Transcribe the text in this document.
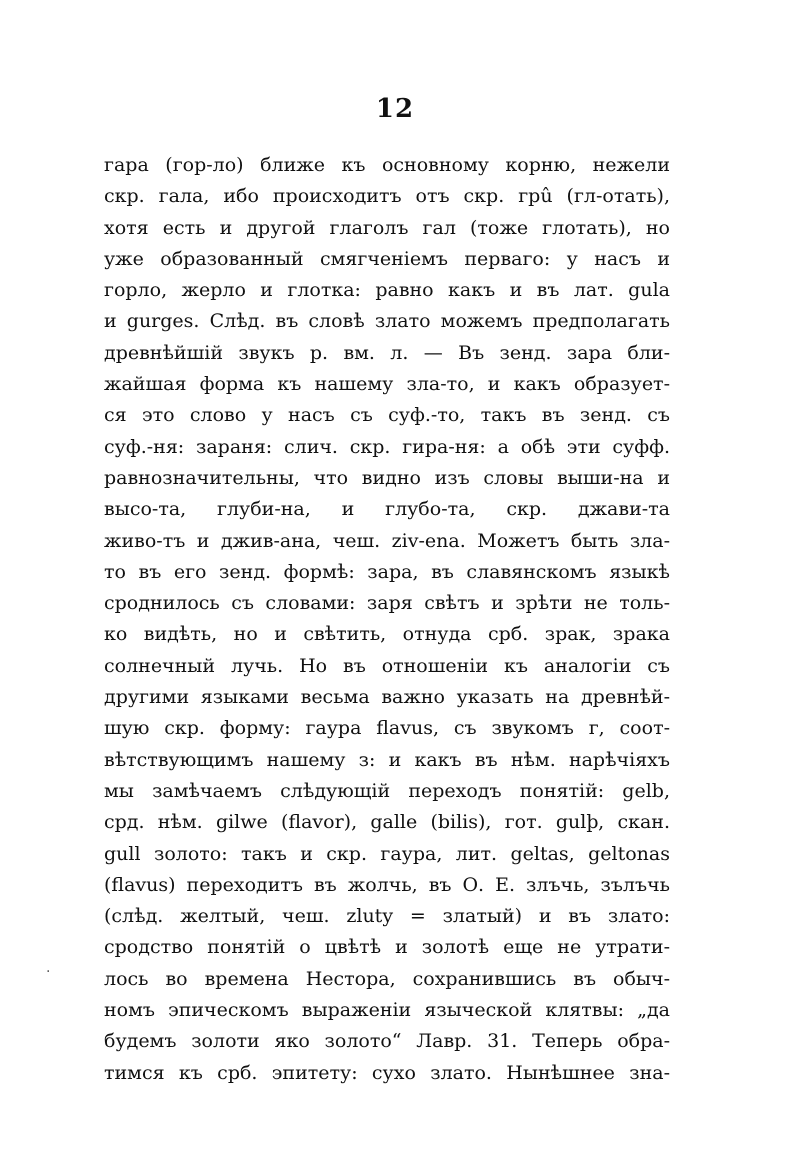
12
гара (гор-ло) ближе къ основному корню, нежели
скр. гала, ибо происходитъ отъ скр. грû (гл-отать),
хотя есть и другой глаголъ гал (тоже глотать), но
уже образованный смягченіемъ перваго: у насъ и
горло, жерло и глотка: равно какъ и въ лат. gula
и gurges. Слѣд. въ словѣ злато можемъ предполагать
древнѣйшій звукъ р. вм. л. — Въ зенд. зара бли-
жайшая форма къ нашему зла-то, и какъ образует-
ся это слово у насъ съ суф.-то, такъ въ зенд. съ
суф.-ня: зараня: слич. скр. гира-ня: а обѣ эти суфф.
равнозначительны, что видно изъ словы выши-на и
высо-та, глуби-на, и глубо-та, скр. джави-та
живо-тъ и джив-ана, чеш. ziv-ena. Можетъ быть зла-
то въ его зенд. формѣ: зара, въ славянскомъ языкѣ
сроднилось съ словами: заря свѣтъ и зрѣти не толь-
ко видѣть, но и свѣтить, отнуда срб. зрак, зрака
солнечный лучь. Но въ отношеніи къ аналогіи съ
другими языками весьма важно указать на древнѣй-
шую скр. форму: гаура flavus, съ звукомъ г, соот-
вѣтствующимъ нашему з: и какъ въ нѣм. нарѣчіяхъ
мы замѣчаемъ слѣдующій переходъ понятій: gelb,
срд. нѣм. gilwe (flavor), galle (bilis), гот. gulþ, скан.
gull золото: такъ и скр. гаура, лит. geltas, geltonas
(flavus) переходитъ въ жолчь, въ О. Е. злъчь, зълъчь
(слѣд. желтый, чеш. zluty = златый) и въ злато:
сродство понятій о цвѣтѣ и золотѣ еще не утрати-
лось во времена Нестора, сохранившись въ обыч-
номъ эпическомъ выраженіи языческой клятвы: „да
будемъ золоти яко золото“ Лавр. 31. Теперь обра-
тимся къ срб. эпитету: сухо злато. Нынѣшнее зна-
·
